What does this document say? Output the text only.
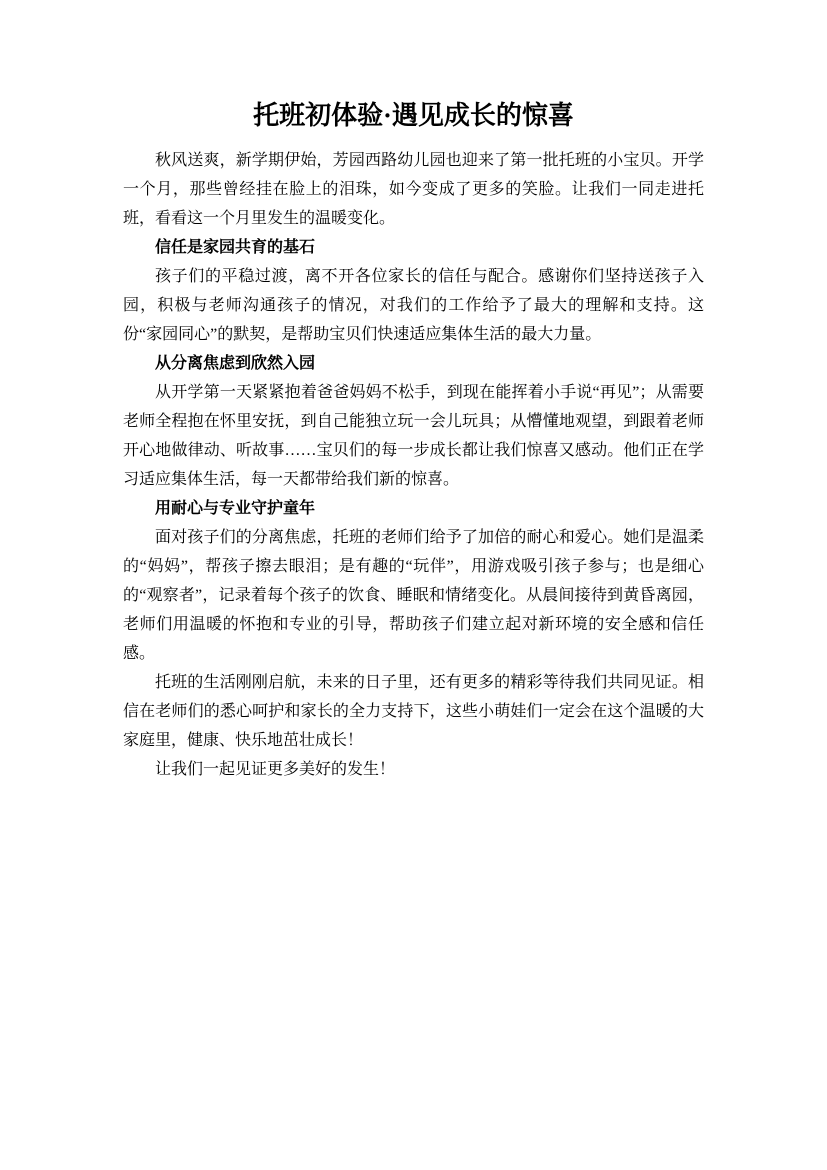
托班初体验·遇见成长的惊喜

秋风送爽，新学期伊始，芳园西路幼儿园也迎来了第一批托班的小宝贝。开学一个月，那些曾经挂在脸上的泪珠，如今变成了更多的笑脸。让我们一同走进托班，看看这一个月里发生的温暖变化。

信任是家园共育的基石

孩子们的平稳过渡，离不开各位家长的信任与配合。感谢你们坚持送孩子入园，积极与老师沟通孩子的情况，对我们的工作给予了最大的理解和支持。这份“家园同心”的默契，是帮助宝贝们快速适应集体生活的最大力量。

从分离焦虑到欣然入园

从开学第一天紧紧抱着爸爸妈妈不松手，到现在能挥着小手说“再见”；从需要老师全程抱在怀里安抚，到自己能独立玩一会儿玩具；从懵懂地观望，到跟着老师开心地做律动、听故事……宝贝们的每一步成长都让我们惊喜又感动。他们正在学习适应集体生活，每一天都带给我们新的惊喜。

用耐心与专业守护童年

面对孩子们的分离焦虑，托班的老师们给予了加倍的耐心和爱心。她们是温柔的“妈妈”，帮孩子擦去眼泪；是有趣的“玩伴”，用游戏吸引孩子参与；也是细心的“观察者”，记录着每个孩子的饮食、睡眠和情绪变化。从晨间接待到黄昏离园，老师们用温暖的怀抱和专业的引导，帮助孩子们建立起对新环境的安全感和信任感。

托班的生活刚刚启航，未来的日子里，还有更多的精彩等待我们共同见证。相信在老师们的悉心呵护和家长的全力支持下，这些小萌娃们一定会在这个温暖的大家庭里，健康、快乐地茁壮成长！

让我们一起见证更多美好的发生！
